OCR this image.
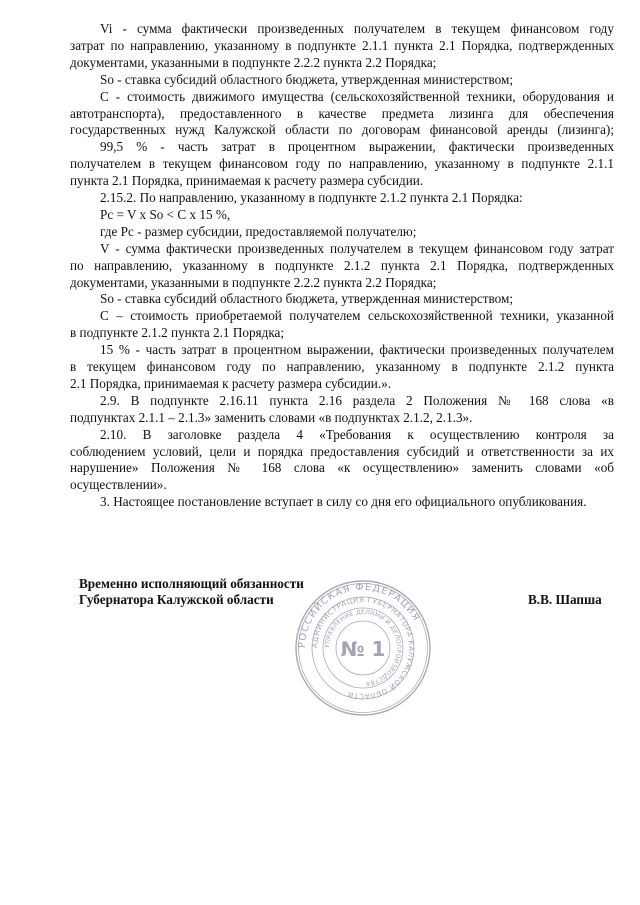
Vi - сумма фактически произведенных получателем в текущем финансовом году
затрат по направлению, указанному в подпункте 2.1.1 пункта 2.1 Порядка, подтвержденных
документами, указанными в подпункте 2.2.2 пункта 2.2 Порядка;
So - ставка субсидий областного бюджета, утвержденная министерством;
С - стоимость движимого имущества (сельскохозяйственной техники, оборудования и
автотранспорта), предоставленного в качестве предмета лизинга для обеспечения
государственных нужд Калужской области по договорам финансовой аренды (лизинга);
99,5 % - часть затрат в процентном выражении, фактически произведенных
получателем в текущем финансовом году по направлению, указанному в подпункте 2.1.1
пункта 2.1 Порядка, принимаемая к расчету размера субсидии.
2.15.2. По направлению, указанному в подпункте 2.1.2 пункта 2.1 Порядка:
Pc = V x So < C x 15 %,
где Рс - размер субсидии, предоставляемой получателю;
V - сумма фактически произведенных получателем в текущем финансовом году затрат
по направлению, указанному в подпункте 2.1.2 пункта 2.1 Порядка, подтвержденных
документами, указанными в подпункте 2.2.2 пункта 2.2 Порядка;
So - ставка субсидий областного бюджета, утвержденная министерством;
С – стоимость приобретаемой получателем сельскохозяйственной техники, указанной
в подпункте 2.1.2 пункта 2.1 Порядка;
15 % - часть затрат в процентном выражении, фактически произведенных получателем
в текущем финансовом году по направлению, указанному в подпункте 2.1.2 пункта
2.1 Порядка, принимаемая к расчету размера субсидии.».
2.9. В подпункте 2.16.11 пункта 2.16 раздела 2 Положения № 168 слова «в
подпунктах 2.1.1 – 2.1.3» заменить словами «в подпунктах 2.1.2, 2.1.3».
2.10. В заголовке раздела 4 «Требования к осуществлению контроля за
соблюдением условий, цели и порядка предоставления субсидий и ответственности за их
нарушение» Положения № 168 слова «к осуществлению» заменить словами «об
осуществлении».
3. Настоящее постановление вступает в силу со дня его официального опубликования.
Временно исполняющий обязанности
Губернатора Калужской области	В.В. Шапша
РОССИЙСКАЯ ФЕДЕРАЦИЯ
АДМИНИСТРАЦИЯ ГУБЕРНАТОРА КАЛУЖСКОЙ ОБЛАСТИ
УПРАВЛЕНИЕ ДЕЛАМИ И ДЕЛОПРОИЗВОДСТВА
№ 1
